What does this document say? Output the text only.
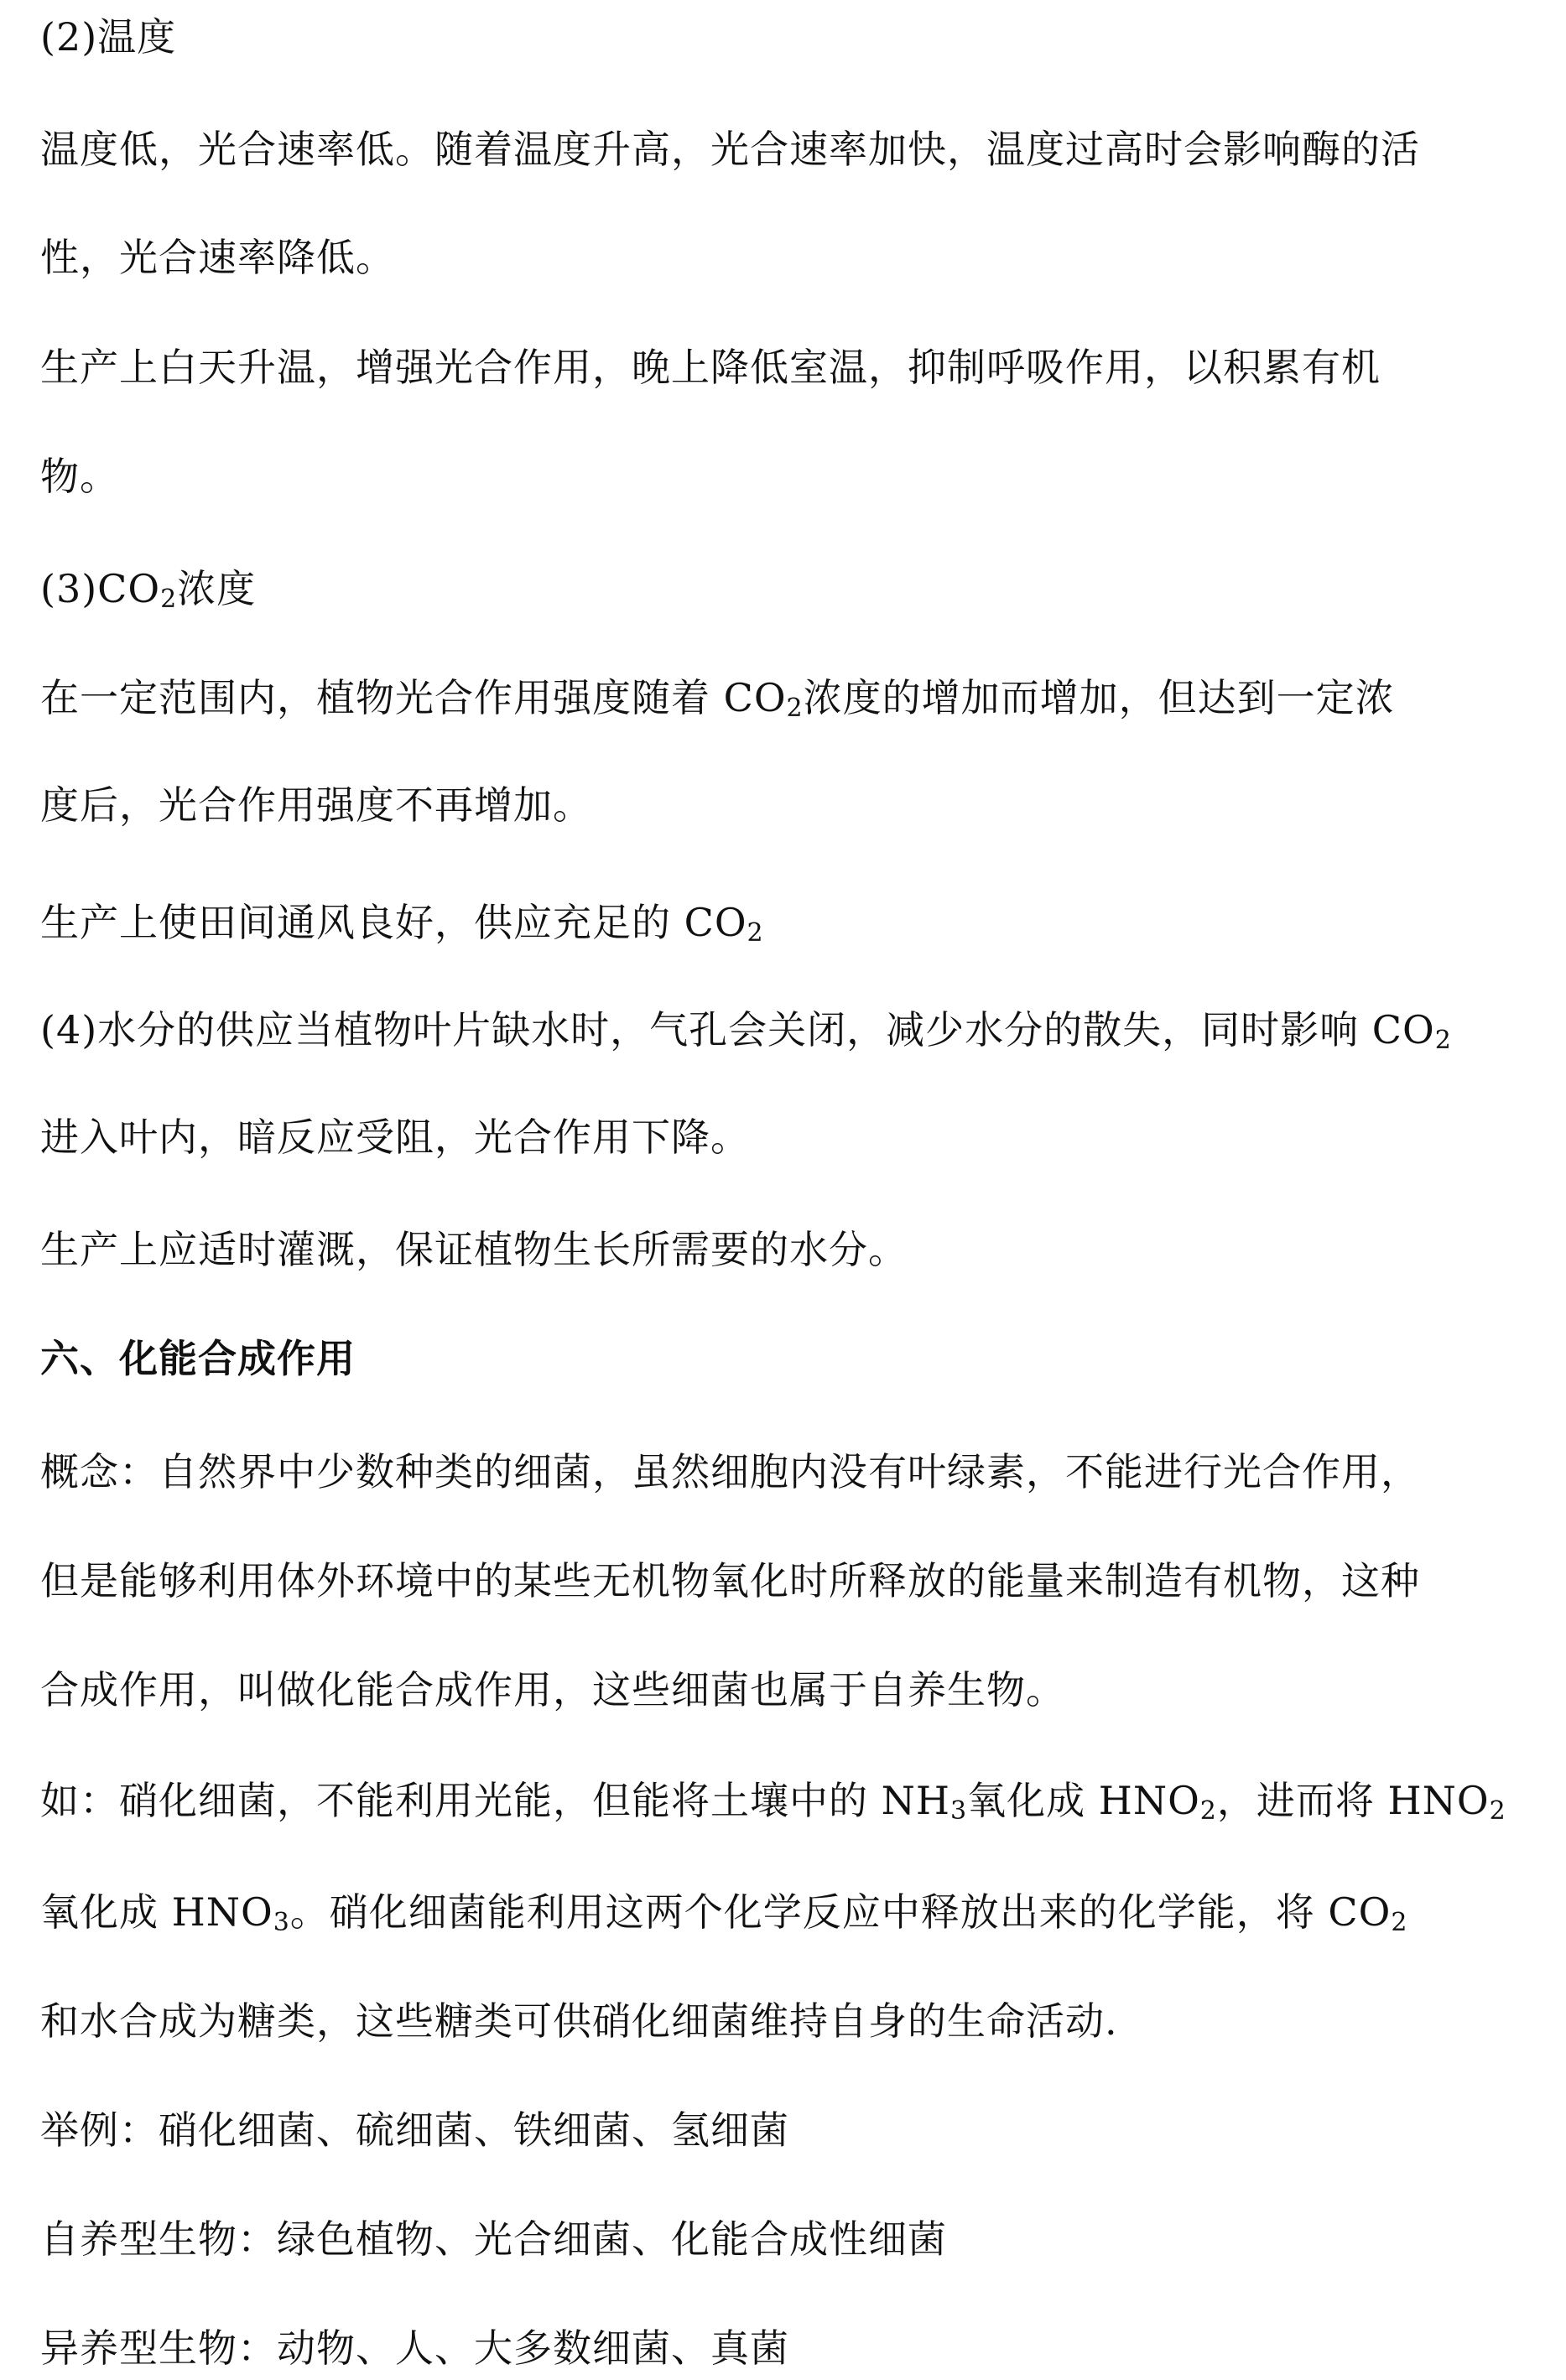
(2)温度
温度低，光合速率低。随着温度升高，光合速率加快，温度过高时会影响酶的活
性，光合速率降低。
生产上白天升温，增强光合作用，晚上降低室温，抑制呼吸作用，以积累有机
物。
$(3)CO_2$浓度
在一定范围内，植物光合作用强度随着 $CO_2$浓度的增加而增加，但达到一定浓
度后，光合作用强度不再增加。
生产上使田间通风良好，供应充足的 $CO_2$
(4)水分的供应当植物叶片缺水时，气孔会关闭，减少水分的散失，同时影响 $CO_2$
进入叶内，暗反应受阻，光合作用下降。
生产上应适时灌溉，保证植物生长所需要的水分。
六、化能合成作用
概念：自然界中少数种类的细菌，虽然细胞内没有叶绿素，不能进行光合作用，
但是能够利用体外环境中的某些无机物氧化时所释放的能量来制造有机物，这种
合成作用，叫做化能合成作用，这些细菌也属于自养生物。
如：硝化细菌，不能利用光能，但能将土壤中的 $NH_3$氧化成 $HNO_2$，进而将 $HNO_2$
氧化成 $HNO_3$。硝化细菌能利用这两个化学反应中释放出来的化学能，将 $CO_2$
和水合成为糖类，这些糖类可供硝化细菌维持自身的生命活动.
举例：硝化细菌、硫细菌、铁细菌、氢细菌
自养型生物：绿色植物、光合细菌、化能合成性细菌
异养型生物：动物、人、大多数细菌、真菌
